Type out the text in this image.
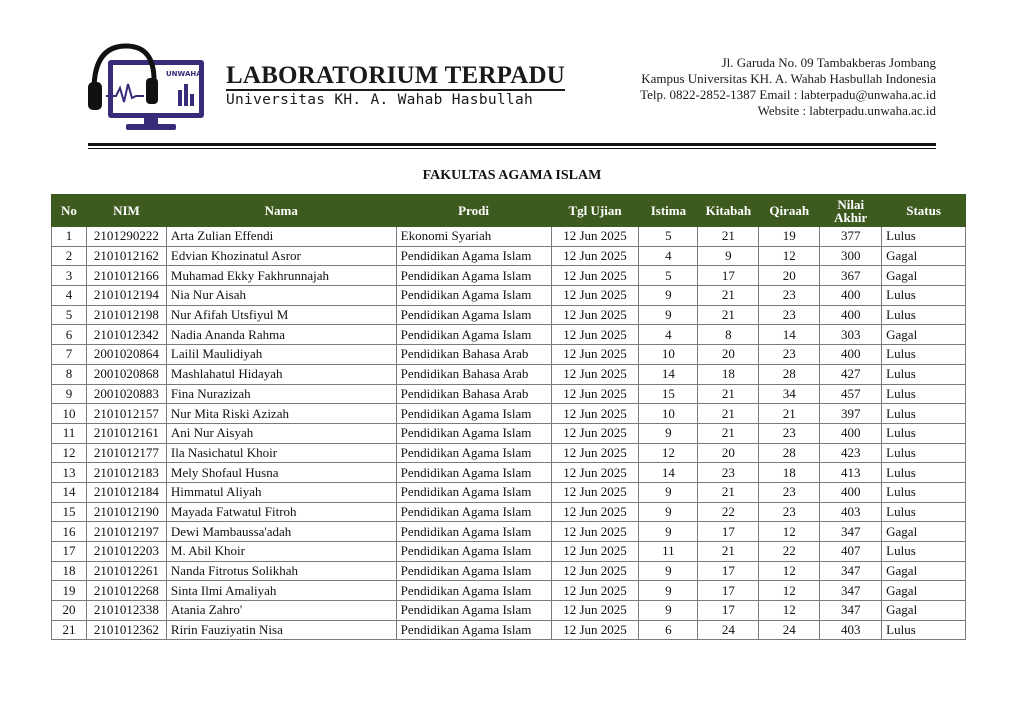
UNWAHA LABORATORIUM TERPADU
Universitas KH. A. Wahab Hasbullah
Jl. Garuda No. 09 Tambakberas Jombang
Kampus Universitas KH. A. Wahab Hasbullah Indonesia
Telp. 0822-2852-1387 Email : labterpadu@unwaha.ac.id
Website : labterpadu.unwaha.ac.id
FAKULTAS AGAMA ISLAM
No	NIM	Nama	Prodi	Tgl Ujian	Istima	Kitabah	Qiraah	Nilai Akhir	Status
1	2101290222	Arta Zulian Effendi	Ekonomi Syariah	12 Jun 2025	5	21	19	377	Lulus
2	2101012162	Edvian Khozinatul Asror	Pendidikan Agama Islam	12 Jun 2025	4	9	12	300	Gagal
3	2101012166	Muhamad Ekky Fakhrunnajah	Pendidikan Agama Islam	12 Jun 2025	5	17	20	367	Gagal
4	2101012194	Nia Nur Aisah	Pendidikan Agama Islam	12 Jun 2025	9	21	23	400	Lulus
5	2101012198	Nur Afifah Utsfiyul M	Pendidikan Agama Islam	12 Jun 2025	9	21	23	400	Lulus
6	2101012342	Nadia Ananda Rahma	Pendidikan Agama Islam	12 Jun 2025	4	8	14	303	Gagal
7	2001020864	Lailil Maulidiyah	Pendidikan Bahasa Arab	12 Jun 2025	10	20	23	400	Lulus
8	2001020868	Mashlahatul Hidayah	Pendidikan Bahasa Arab	12 Jun 2025	14	18	28	427	Lulus
9	2001020883	Fina Nurazizah	Pendidikan Bahasa Arab	12 Jun 2025	15	21	34	457	Lulus
10	2101012157	Nur Mita Riski Azizah	Pendidikan Agama Islam	12 Jun 2025	10	21	21	397	Lulus
11	2101012161	Ani Nur Aisyah	Pendidikan Agama Islam	12 Jun 2025	9	21	23	400	Lulus
12	2101012177	Ila Nasichatul Khoir	Pendidikan Agama Islam	12 Jun 2025	12	20	28	423	Lulus
13	2101012183	Mely Shofaul Husna	Pendidikan Agama Islam	12 Jun 2025	14	23	18	413	Lulus
14	2101012184	Himmatul Aliyah	Pendidikan Agama Islam	12 Jun 2025	9	21	23	400	Lulus
15	2101012190	Mayada Fatwatul Fitroh	Pendidikan Agama Islam	12 Jun 2025	9	22	23	403	Lulus
16	2101012197	Dewi Mambaussa'adah	Pendidikan Agama Islam	12 Jun 2025	9	17	12	347	Gagal
17	2101012203	M. Abil Khoir	Pendidikan Agama Islam	12 Jun 2025	11	21	22	407	Lulus
18	2101012261	Nanda Fitrotus Solikhah	Pendidikan Agama Islam	12 Jun 2025	9	17	12	347	Gagal
19	2101012268	Sinta Ilmi Amaliyah	Pendidikan Agama Islam	12 Jun 2025	9	17	12	347	Gagal
20	2101012338	Atania Zahro'	Pendidikan Agama Islam	12 Jun 2025	9	17	12	347	Gagal
21	2101012362	Ririn Fauziyatin Nisa	Pendidikan Agama Islam	12 Jun 2025	6	24	24	403	Lulus
